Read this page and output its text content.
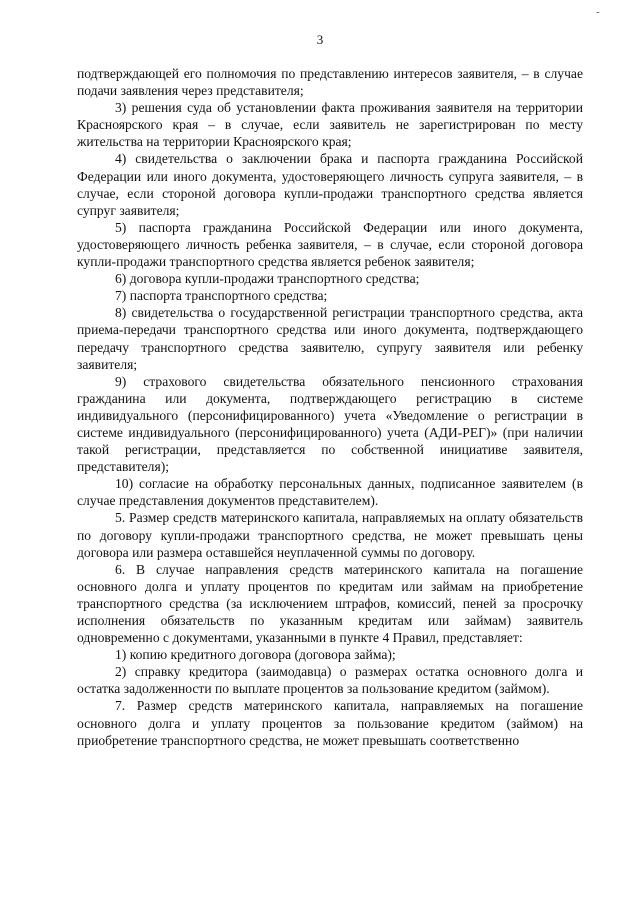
-
3

подтверждающей его полномочия по представлению интересов заявителя, – в случае подачи заявления через представителя;

3) решения суда об установлении факта проживания заявителя на территории Красноярского края – в случае, если заявитель не зарегистрирован по месту жительства на территории Красноярского края;

4) свидетельства о заключении брака и паспорта гражданина Российской Федерации или иного документа, удостоверяющего личность супруга заявителя, – в случае, если стороной договора купли-продажи транспортного средства является супруг заявителя;

5) паспорта гражданина Российской Федерации или иного документа, удостоверяющего личность ребенка заявителя, – в случае, если стороной договора купли-продажи транспортного средства является ребенок заявителя;

6) договора купли-продажи транспортного средства;

7) паспорта транспортного средства;

8) свидетельства о государственной регистрации транспортного средства, акта приема-передачи транспортного средства или иного документа, подтверждающего передачу транспортного средства заявителю, супругу заявителя или ребенку заявителя;

9) страхового свидетельства обязательного пенсионного страхования гражданина или документа, подтверждающего регистрацию в системе индивидуального (персонифицированного) учета «Уведомление о регистрации в системе индивидуального (персонифицированного) учета (АДИ-РЕГ)» (при наличии такой регистрации, представляется по собственной инициативе заявителя, представителя);

10) согласие на обработку персональных данных, подписанное заявителем (в случае представления документов представителем).

5. Размер средств материнского капитала, направляемых на оплату обязательств по договору купли-продажи транспортного средства, не может превышать цены договора или размера оставшейся неуплаченной суммы по договору.

6. В случае направления средств материнского капитала на погашение основного долга и уплату процентов по кредитам или займам на приобретение транспортного средства (за исключением штрафов, комиссий, пеней за просрочку исполнения обязательств по указанным кредитам или займам) заявитель одновременно с документами, указанными в пункте 4 Правил, представляет:

1) копию кредитного договора (договора займа);

2) справку кредитора (заимодавца) о размерах остатка основного долга и остатка задолженности по выплате процентов за пользование кредитом (займом).

7. Размер средств материнского капитала, направляемых на погашение основного долга и уплату процентов за пользование кредитом (займом) на приобретение транспортного средства, не может превышать соответственно
